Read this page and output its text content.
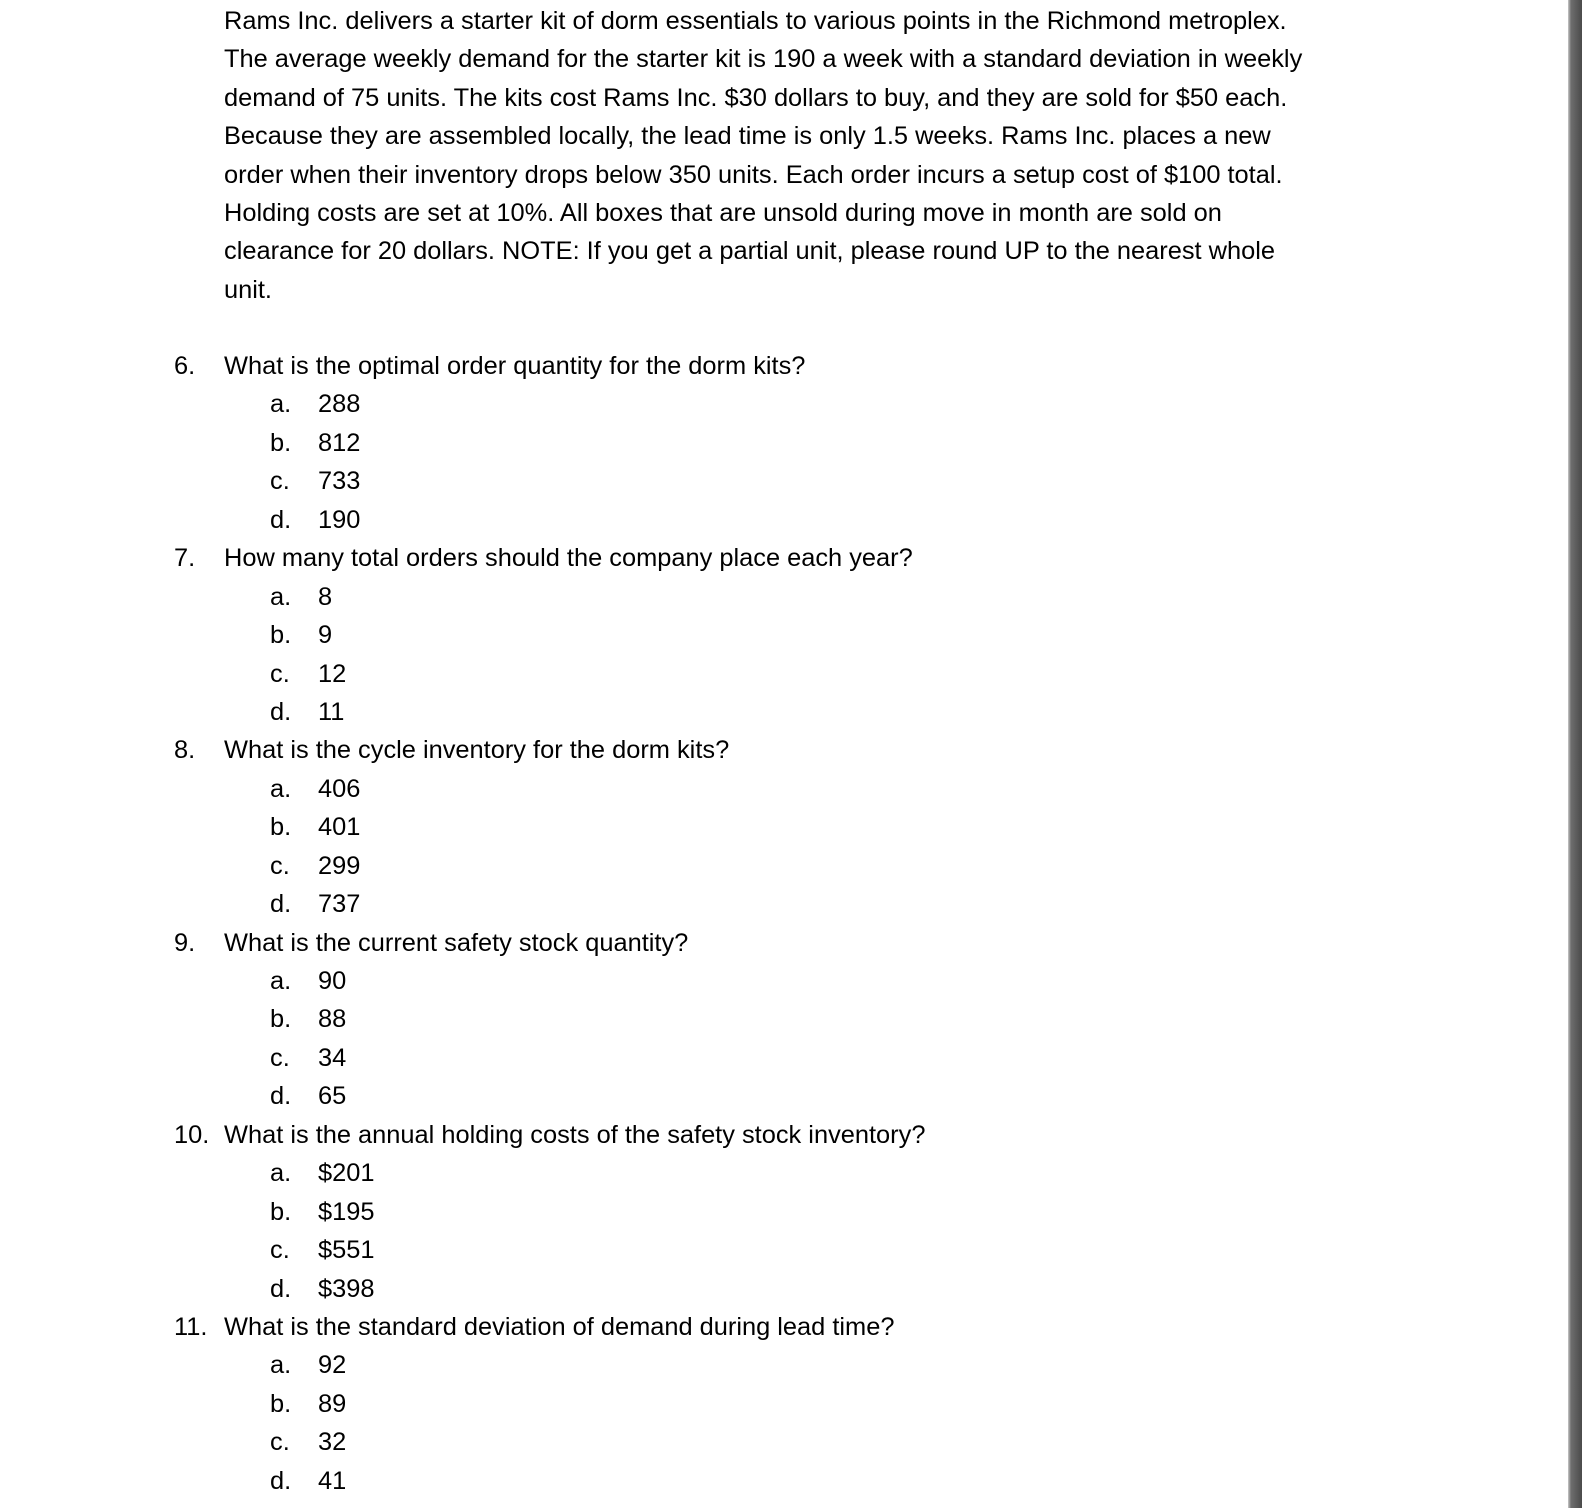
Rams Inc. delivers a starter kit of dorm essentials to various points in the Richmond metroplex.
The average weekly demand for the starter kit is 190 a week with a standard deviation in weekly
demand of 75 units. The kits cost Rams Inc. $30 dollars to buy, and they are sold for $50 each.
Because they are assembled locally, the lead time is only 1.5 weeks. Rams Inc. places a new
order when their inventory drops below 350 units. Each order incurs a setup cost of $100 total.
Holding costs are set at 10%. All boxes that are unsold during move in month are sold on
clearance for 20 dollars. NOTE: If you get a partial unit, please round UP to the nearest whole
unit.

6. What is the optimal order quantity for the dorm kits?
a. 288
b. 812
c. 733
d. 190
7. How many total orders should the company place each year?
a. 8
b. 9
c. 12
d. 11
8. What is the cycle inventory for the dorm kits?
a. 406
b. 401
c. 299
d. 737
9. What is the current safety stock quantity?
a. 90
b. 88
c. 34
d. 65
10. What is the annual holding costs of the safety stock inventory?
a. $201
b. $195
c. $551
d. $398
11. What is the standard deviation of demand during lead time?
a. 92
b. 89
c. 32
d. 41
